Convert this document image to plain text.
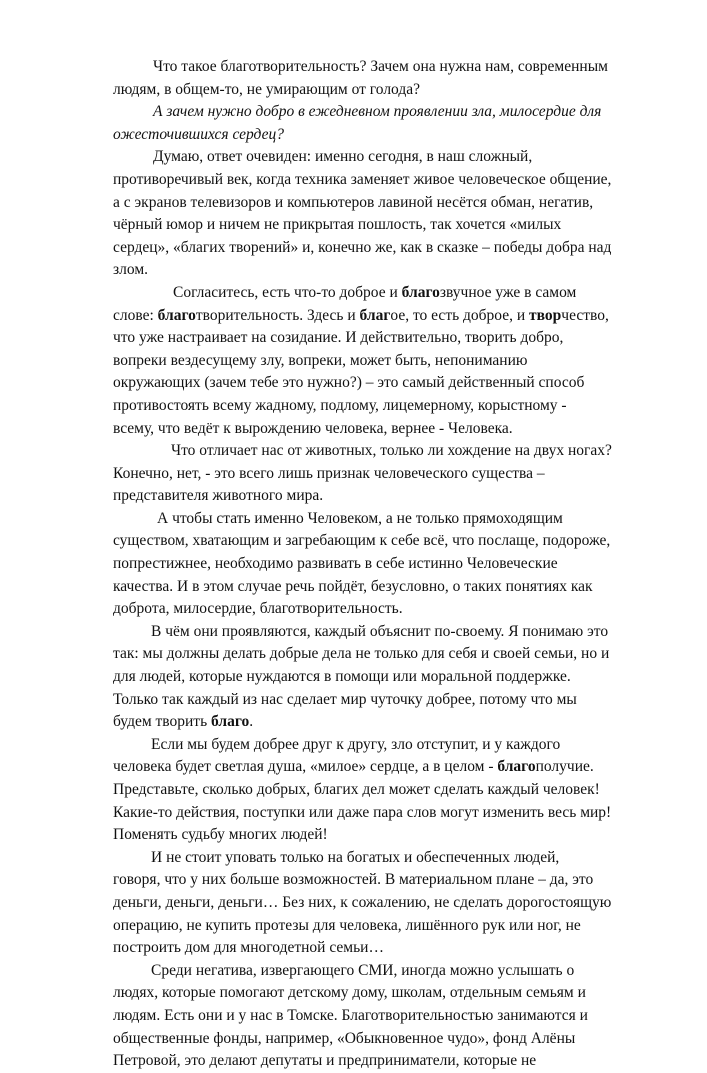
Что такое благотворительность? Зачем она нужна нам, современным
людям, в общем-то, не умирающим от голода?

А зачем нужно добро в ежедневном проявлении зла, милосердие для
ожесточившихся сердец?

Думаю, ответ очевиден: именно сегодня, в наш сложный,
противоречивый век, когда техника заменяет живое человеческое общение,
а с экранов телевизоров и компьютеров лавиной несётся обман, негатив,
чёрный юмор и ничем не прикрытая пошлость, так хочется «милых
сердец», «благих творений» и, конечно же, как в сказке – победы добра над
злом.

Согласитесь, есть что-то доброе и благозвучное уже в самом
слове: благотворительность. Здесь и благое, то есть доброе, и творчество,
что уже настраивает на созидание. И действительно, творить добро,
вопреки вездесущему злу, вопреки, может быть, непониманию
окружающих (зачем тебе это нужно?) – это самый действенный способ
противостоять всему жадному, подлому, лицемерному, корыстному -
всему, что ведёт к вырождению человека, вернее - Человека.

Что отличает нас от животных, только ли хождение на двух ногах?
Конечно, нет, - это всего лишь признак человеческого существа –
представителя животного мира.

А чтобы стать именно Человеком, а не только прямоходящим
существом, хватающим и загребающим к себе всё, что послаще, подороже,
попрестижнее, необходимо развивать в себе истинно Человеческие
качества. И в этом случае речь пойдёт, безусловно, о таких понятиях как
доброта, милосердие, благотворительность.

В чём они проявляются, каждый объяснит по-своему. Я понимаю это
так: мы должны делать добрые дела не только для себя и своей семьи, но и
для людей, которые нуждаются в помощи или моральной поддержке.
Только так каждый из нас сделает мир чуточку добрее, потому что мы
будем творить благо.

Если мы будем добрее друг к другу, зло отступит, и у каждого
человека будет светлая душа, «милое» сердце, а в целом - благополучие.
Представьте, сколько добрых, благих дел может сделать каждый человек!
Какие-то действия, поступки или даже пара слов могут изменить весь мир!
Поменять судьбу многих людей!

И не стоит уповать только на богатых и обеспеченных людей,
говоря, что у них больше возможностей. В материальном плане – да, это
деньги, деньги, деньги… Без них, к сожалению, не сделать дорогостоящую
операцию, не купить протезы для человека, лишённого рук или ног, не
построить дом для многодетной семьи…

Среди негатива, извергающего СМИ, иногда можно услышать о
людях, которые помогают детскому дому, школам, отдельным семьям и
людям. Есть они и у нас в Томске. Благотворительностью занимаются и
общественные фонды, например, «Обыкновенное чудо», фонд Алёны
Петровой, это делают депутаты и предприниматели, которые не
